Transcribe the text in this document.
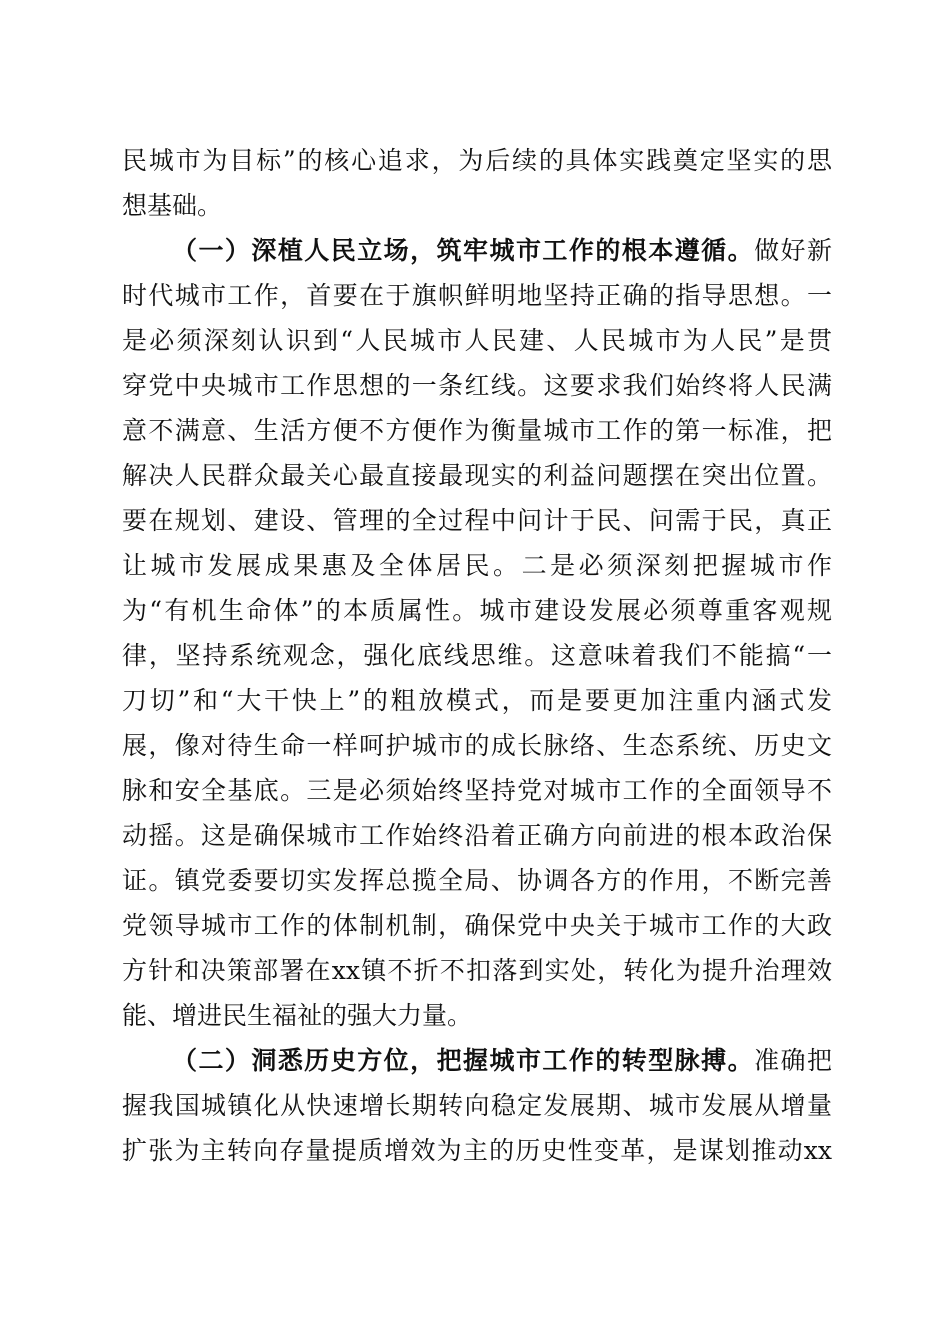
民城市为目标”的核心追求，为后续的具体实践奠定坚实的思
想基础。
（一）深植人民立场，筑牢城市工作的根本遵循。做好新
时代城市工作，首要在于旗帜鲜明地坚持正确的指导思想。一
是必须深刻认识到“人民城市人民建、人民城市为人民”是贯
穿党中央城市工作思想的一条红线。这要求我们始终将人民满
意不满意、生活方便不方便作为衡量城市工作的第一标准，把
解决人民群众最关心最直接最现实的利益问题摆在突出位置。
要在规划、建设、管理的全过程中问计于民、问需于民，真正
让城市发展成果惠及全体居民。二是必须深刻把握城市作
为“有机生命体”的本质属性。城市建设发展必须尊重客观规
律，坚持系统观念，强化底线思维。这意味着我们不能搞“一
刀切”和“大干快上”的粗放模式，而是要更加注重内涵式发
展，像对待生命一样呵护城市的成长脉络、生态系统、历史文
脉和安全基底。三是必须始终坚持党对城市工作的全面领导不
动摇。这是确保城市工作始终沿着正确方向前进的根本政治保
证。镇党委要切实发挥总揽全局、协调各方的作用，不断完善
党领导城市工作的体制机制，确保党中央关于城市工作的大政
方针和决策部署在xx镇不折不扣落到实处，转化为提升治理效
能、增进民生福祉的强大力量。
（二）洞悉历史方位，把握城市工作的转型脉搏。准确把
握我国城镇化从快速增长期转向稳定发展期、城市发展从增量
扩张为主转向存量提质增效为主的历史性变革，是谋划推动xx
